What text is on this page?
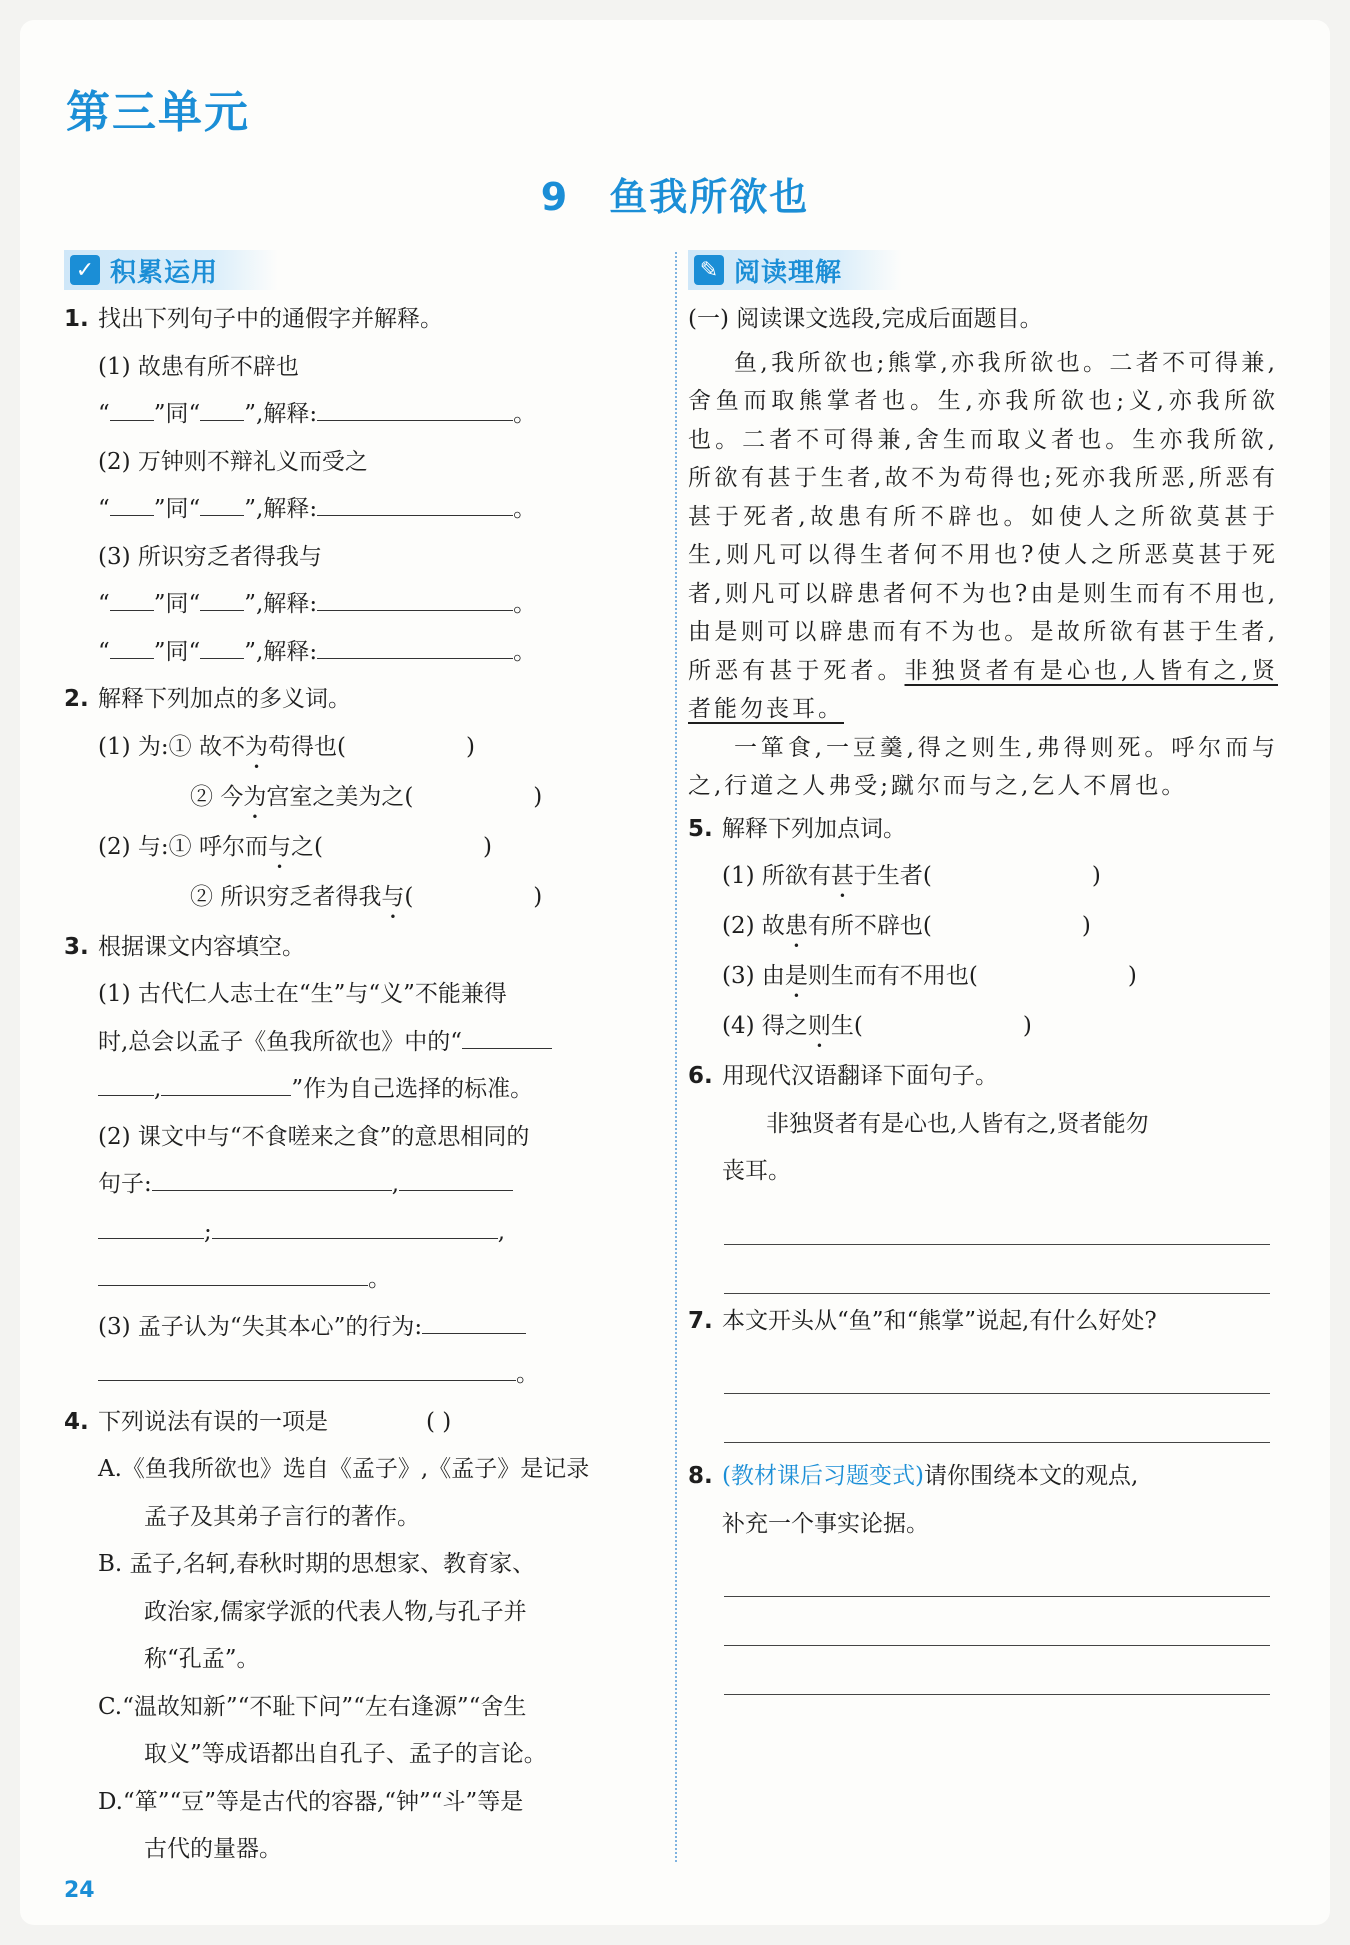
第三单元
9 鱼我所欲也
✓ 积累运用
1. 找出下列句子中的通假字并解释。
(1) 故患有所不辟也
“ ”同“ ”,解释:	。
(2) 万钟则不辩礼义而受之
“ ”同“ ”,解释:	。
(3) 所识穷乏者得我与
“ ”同“ ”,解释:	。
“ ”同“ ”,解释:	。
2. 解释下列加点的多义词。
(1) 为:① 故不为苟得也(	)
② 今为宫室之美为之(	)
(2) 与:① 呼尔而与之(	)
② 所识穷乏者得我与(	)
3. 根据课文内容填空。
(1) 古代仁人志士在“生”与“义”不能兼得
时,总会以孟子《鱼我所欲也》中的“
,	”作为自己选择的标准。
(2) 课文中与“不食嗟来之食”的意思相同的
句子:	,
;	,
。
(3) 孟子认为“失其本心”的行为:
。
4. 下列说法有误的一项是	( )
A.《鱼我所欲也》选自《孟子》,《孟子》是记录
孟子及其弟子言行的著作。
B. 孟子,名轲,春秋时期的思想家、教育家、
政治家,儒家学派的代表人物,与孔子并
称“孔孟”。
C.“温故知新”“不耻下问”“左右逢源”“舍生
取义”等成语都出自孔子、孟子的言论。
D.“箪”“豆”等是古代的容器,“钟”“斗”等是
古代的量器。
✎ 阅读理解
(一) 阅读课文选段,完成后面题目。

鱼,我所欲也;熊掌,亦我所欲也。二者不可得兼,舍鱼而取熊掌者也。生,亦我所欲也;义,亦我所欲也。二者不可得兼,舍生而取义者也。生亦我所欲,所欲有甚于生者,故不为苟得也;死亦我所恶,所恶有甚于死者,故患有所不辟也。如使人之所欲莫甚于生,则凡可以得生者何不用也?使人之所恶莫甚于死者,则凡可以辟患者何不为也?由是则生而有不用也,由是则可以辟患而有不为也。是故所欲有甚于生者,所恶有甚于死者。非独贤者有是心也,人皆有之,贤者能勿丧耳。

一箪食,一豆羹,得之则生,弗得则死。呼尔而与之,行道之人弗受;蹴尔而与之,乞人不屑也。

5. 解释下列加点词。
(1) 所欲有甚于生者(	)
(2) 故患有所不辟也(	)
(3) 由是则生而有不用也(	)
(4) 得之则生(	)
6. 用现代汉语翻译下面句子。
非独贤者有是心也,人皆有之,贤者能勿
丧耳。
7. 本文开头从“鱼”和“熊掌”说起,有什么好处?
8. (教材课后习题变式)请你围绕本文的观点,
补充一个事实论据。
24
